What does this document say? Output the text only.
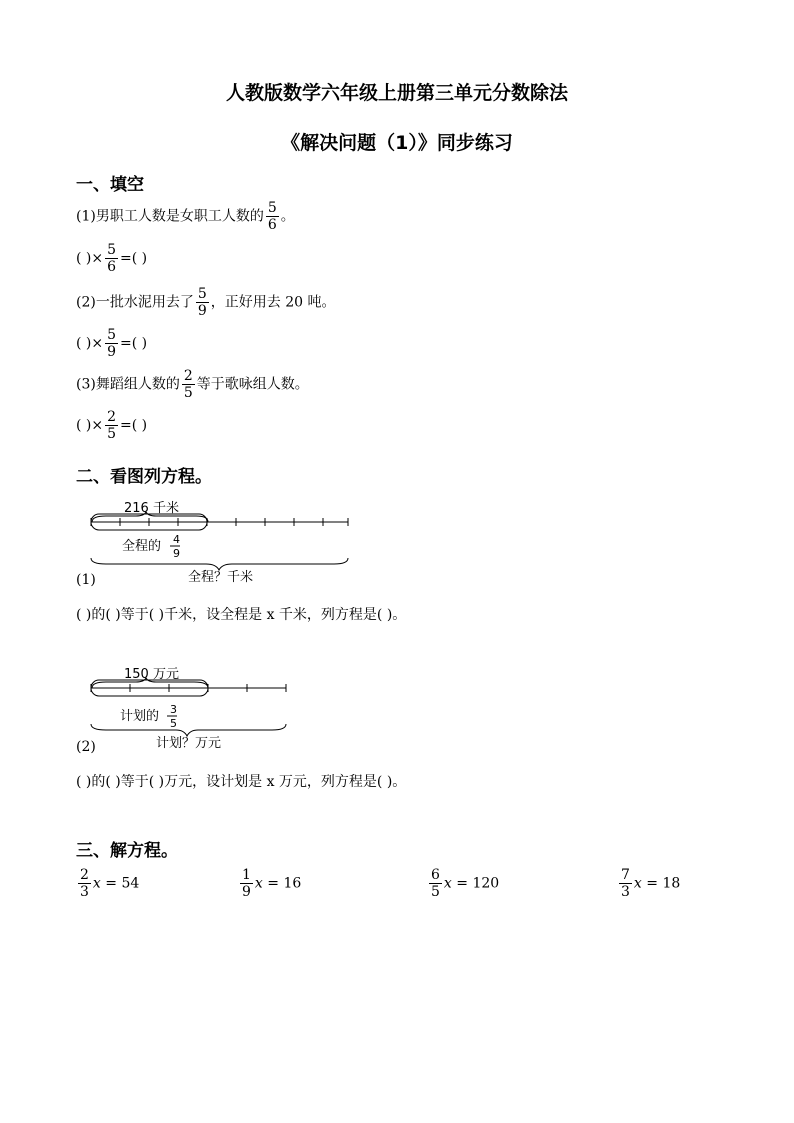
人教版数学六年级上册第三单元分数除法
《解决问题（1）》同步练习
一、填空
(1)男职工人数是女职工人数的 $\frac{5}{6}$ 。
( )× $\frac{5}{6}$ =( )
(2)一批水泥用去了 $\frac{5}{9}$ ，正好用去 20 吨。
( )× $\frac{5}{9}$ =( )
(3)舞蹈组人数的 $\frac{2}{5}$ 等于歌咏组人数。
( )× $\frac{2}{5}$ =( )
二、看图列方程。
216 千米
全程的 4
9
全程？千米
(1)
( )的( )等于( )千米，设全程是 x 千米，列方程是( )。
150 万元
计划的 3
5
计划？万元
(2)
( )的( )等于( )万元，设计划是 x 万元，列方程是( )。
三、解方程。
$\frac{2}{3}$ x = 54	$\frac{1}{9}$ x = 16	$\frac{6}{5}$ x = 120	$\frac{7}{3}$ x = 18
